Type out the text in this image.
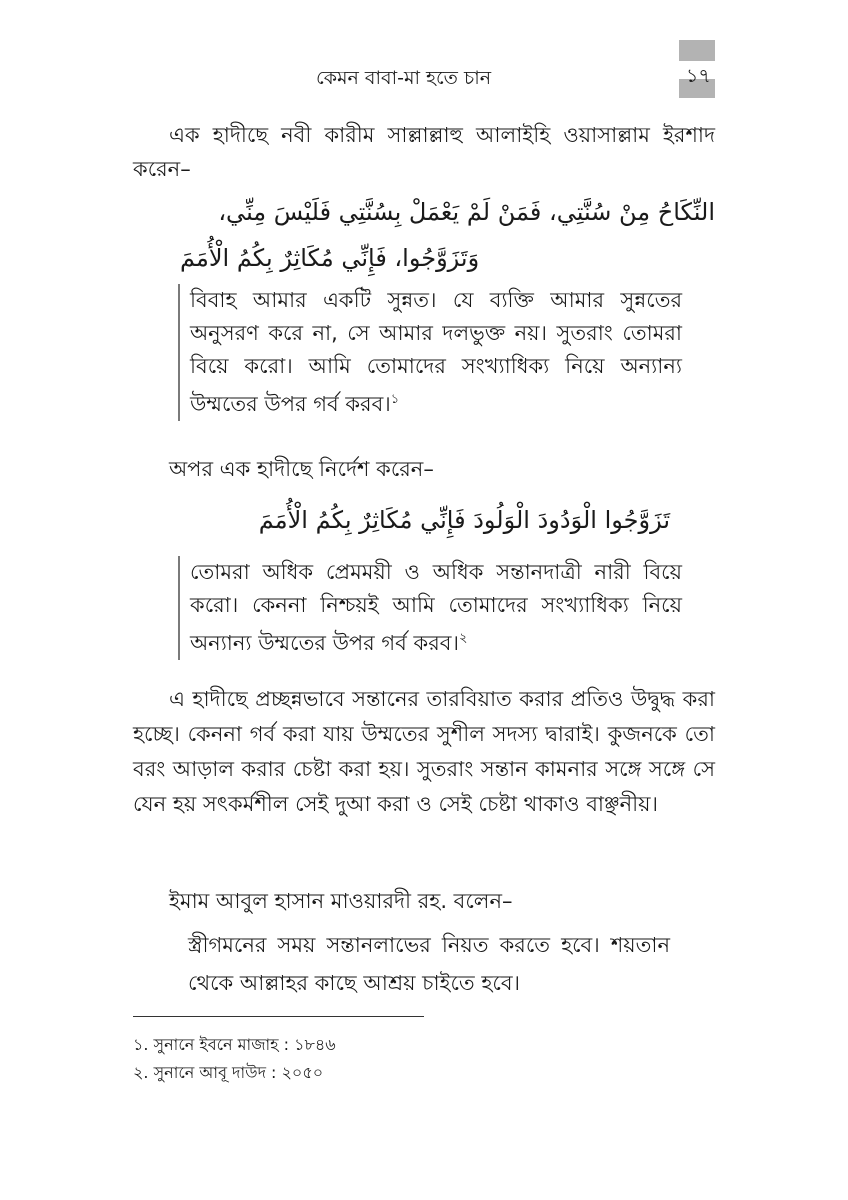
কেমন বাবা-মা হতে চান	১৭
এক হাদীছে নবী কারীম সাল্লাল্লাহু আলাইহি ওয়াসাল্লাম ইরশাদ করেন–
النِّكَاحُ مِنْ سُنَّتِي، فَمَنْ لَمْ يَعْمَلْ بِسُنَّتِي فَلَيْسَ مِنِّي،
وَتَزَوَّجُوا، فَإِنِّي مُكَاثِرٌ بِكُمُ الْأُمَمَ
বিবাহ আমার একটি সুন্নত। যে ব্যক্তি আমার সুন্নতের অনুসরণ করে না, সে আমার দলভুক্ত নয়। সুতরাং তোমরা বিয়ে করো। আমি তোমাদের সংখ্যাধিক্য নিয়ে অন্যান্য উম্মতের উপর গর্ব করব।$^১$
অপর এক হাদীছে নির্দেশ করেন–
تَزَوَّجُوا الْوَدُودَ الْوَلُودَ فَإِنِّي مُكَاثِرٌ بِكُمُ الْأُمَمَ
তোমরা অধিক প্রেমময়ী ও অধিক সন্তানদাত্রী নারী বিয়ে করো। কেননা নিশ্চয়ই আমি তোমাদের সংখ্যাধিক্য নিয়ে অন্যান্য উম্মতের উপর গর্ব করব।$^২$
এ হাদীছে প্রচ্ছন্নভাবে সন্তানের তারবিয়াত করার প্রতিও উদ্বুদ্ধ করা হচ্ছে। কেননা গর্ব করা যায় উম্মতের সুশীল সদস্য দ্বারাই। কুজনকে তো বরং আড়াল করার চেষ্টা করা হয়। সুতরাং সন্তান কামনার সঙ্গে সঙ্গে সে যেন হয় সৎকর্মশীল সেই দুআ করা ও সেই চেষ্টা থাকাও বাঞ্ছনীয়।
ইমাম আবুল হাসান মাওয়ারদী রহ. বলেন–
স্ত্রীগমনের সময় সন্তানলাভের নিয়ত করতে হবে। শয়তান থেকে আল্লাহর কাছে আশ্রয় চাইতে হবে।
১. সুনানে ইবনে মাজাহ : ১৮৪৬
২. সুনানে আবূ দাউদ : ২০৫০
